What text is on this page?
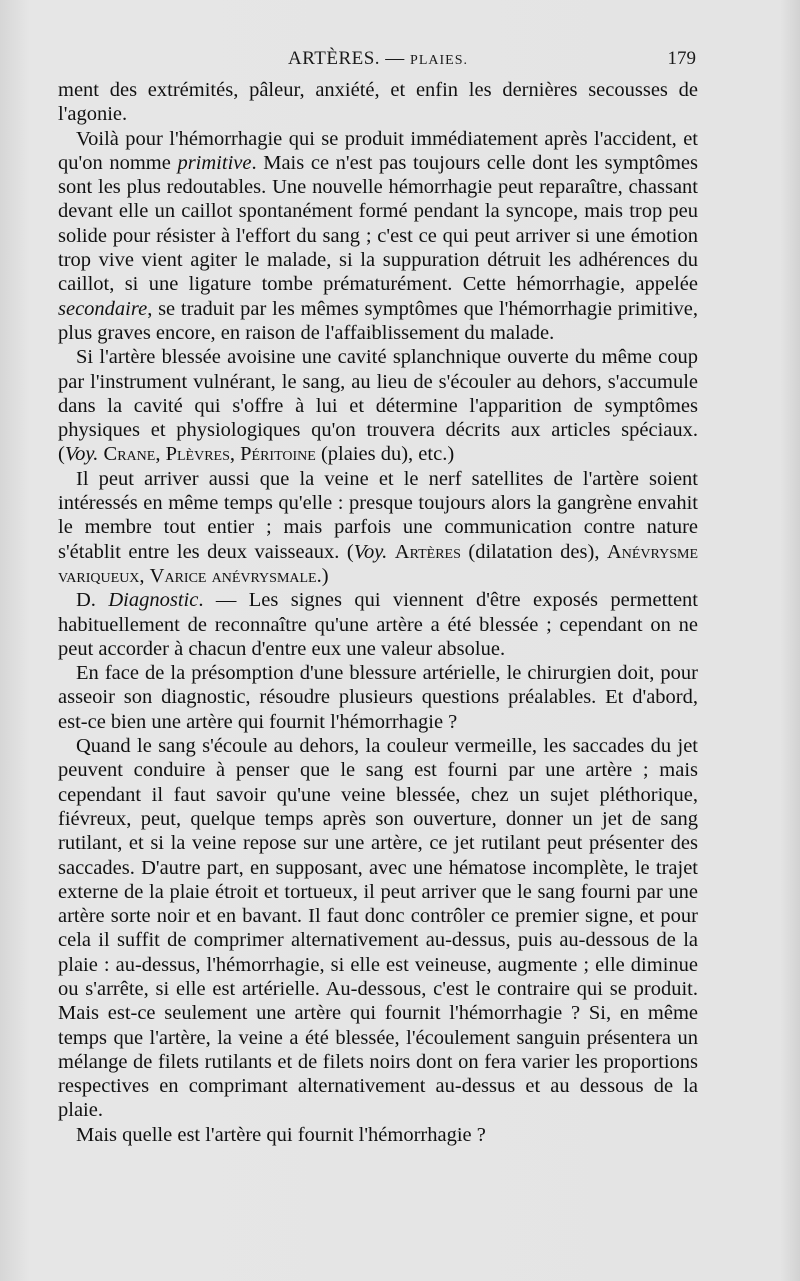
ARTÈRES. — PLAIES.	179

ment des extrémités, pâleur, anxiété, et enfin les dernières secousses de l'agonie.

Voilà pour l'hémorrhagie qui se produit immédiatement après l'accident, et qu'on nomme primitive. Mais ce n'est pas toujours celle dont les symptômes sont les plus redoutables. Une nouvelle hémorrhagie peut reparaître, chassant devant elle un caillot spontanément formé pendant la syncope, mais trop peu solide pour résister à l'effort du sang ; c'est ce qui peut arriver si une émotion trop vive vient agiter le malade, si la suppuration détruit les adhérences du caillot, si une ligature tombe prématurément. Cette hémorrhagie, appelée secondaire, se traduit par les mêmes symptômes que l'hémorrhagie primitive, plus graves encore, en raison de l'affaiblissement du malade.

Si l'artère blessée avoisine une cavité splanchnique ouverte du même coup par l'instrument vulnérant, le sang, au lieu de s'écouler au dehors, s'accumule dans la cavité qui s'offre à lui et détermine l'apparition de symptômes physiques et physiologiques qu'on trouvera décrits aux articles spéciaux. (Voy. Crane, Plèvres, Péritoine (plaies du), etc.)

Il peut arriver aussi que la veine et le nerf satellites de l'artère soient intéressés en même temps qu'elle : presque toujours alors la gangrène envahit le membre tout entier ; mais parfois une communication contre nature s'établit entre les deux vaisseaux. (Voy. Artères (dilatation des), Anévrysme variqueux, Varice anévrysmale.)

D. Diagnostic. — Les signes qui viennent d'être exposés permettent habituellement de reconnaître qu'une artère a été blessée ; cependant on ne peut accorder à chacun d'entre eux une valeur absolue.

En face de la présomption d'une blessure artérielle, le chirurgien doit, pour asseoir son diagnostic, résoudre plusieurs questions préalables. Et d'abord, est-ce bien une artère qui fournit l'hémorrhagie ?

Quand le sang s'écoule au dehors, la couleur vermeille, les saccades du jet peuvent conduire à penser que le sang est fourni par une artère ; mais cependant il faut savoir qu'une veine blessée, chez un sujet pléthorique, fiévreux, peut, quelque temps après son ouverture, donner un jet de sang rutilant, et si la veine repose sur une artère, ce jet rutilant peut présenter des saccades. D'autre part, en supposant, avec une hématose incomplète, le trajet externe de la plaie étroit et tortueux, il peut arriver que le sang fourni par une artère sorte noir et en bavant. Il faut donc contrôler ce premier signe, et pour cela il suffit de comprimer alternativement au-dessus, puis au-dessous de la plaie : au-dessus, l'hémorrhagie, si elle est veineuse, augmente ; elle diminue ou s'arrête, si elle est artérielle. Au-dessous, c'est le contraire qui se produit. Mais est-ce seulement une artère qui fournit l'hémorrhagie ? Si, en même temps que l'artère, la veine a été blessée, l'écoulement sanguin présentera un mélange de filets rutilants et de filets noirs dont on fera varier les proportions respectives en comprimant alternativement au-dessus et au dessous de la plaie.

Mais quelle est l'artère qui fournit l'hémorrhagie ?
